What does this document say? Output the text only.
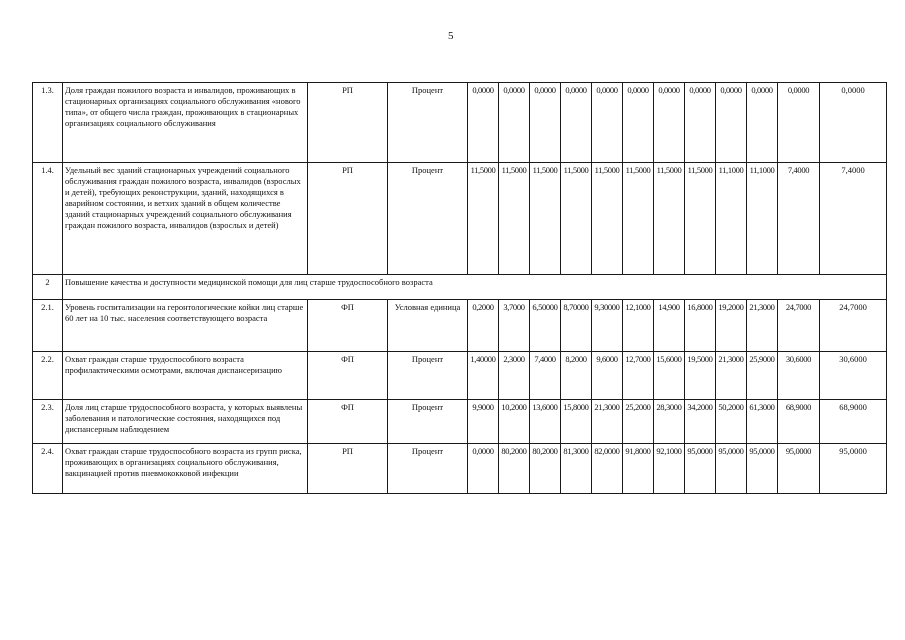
5
1.3.	Доля граждан пожилого возраста и инвалидов, проживающих в стационарных организациях социального обслуживания «нового типа», от общего числа граждан, проживающих в стационарных организациях социального обслуживания	РП	Процент	0,0000	0,0000	0,0000	0,0000	0,0000	0,0000	0,0000	0,0000	0,0000	0,0000	0,0000	0,0000
1.4.	Удельный вес зданий стационарных учреждений социального обслуживания граждан пожилого возраста, инвалидов (взрослых и детей), требующих реконструкции, зданий, находящихся в аварийном состоянии, и ветхих зданий в общем количестве зданий стационарных учреждений социального обслуживания граждан пожилого возраста, инвалидов (взрослых и детей)	РП	Процент	11,5000	11,5000	11,5000	11,5000	11,5000	11,5000	11,5000	11,5000	11,1000	11,1000	7,4000	7,4000
2	Повышение качества и доступности медицинской помощи для лиц старше трудоспособного возраста														
2.1.	Уровень госпитализации на геронтологические койки лиц старше 60 лет на 10 тыс. населения соответствующего возраста	ФП	Условная единица	0,2000	3,7000	6,50000	8,70000	9,30000	12,1000	14,900	16,8000	19,2000	21,3000	24,7000	24,7000
2.2.	Охват граждан старше трудоспособного возраста профилактическими осмотрами, включая диспансеризацию	ФП	Процент	1,40000	2,3000	7,4000	8,2000	9,6000	12,7000	15,6000	19,5000	21,3000	25,9000	30,6000	30,6000
2.3.	Доля лиц старше трудоспособного возраста, у которых выявлены заболевания и патологические состояния, находящихся под диспансерным наблюдением	ФП	Процент	9,9000	10,2000	13,6000	15,8000	21,3000	25,2000	28,3000	34,2000	50,2000	61,3000	68,9000	68,9000
2.4.	Охват граждан старше трудоспособного возраста из групп риска, проживающих в организациях социального обслуживания, вакцинацией против пневмококковой инфекции	РП	Процент	0,0000	80,2000	80,2000	81,3000	82,0000	91,8000	92,1000	95,0000	95,0000	95,0000	95,0000	95,0000
